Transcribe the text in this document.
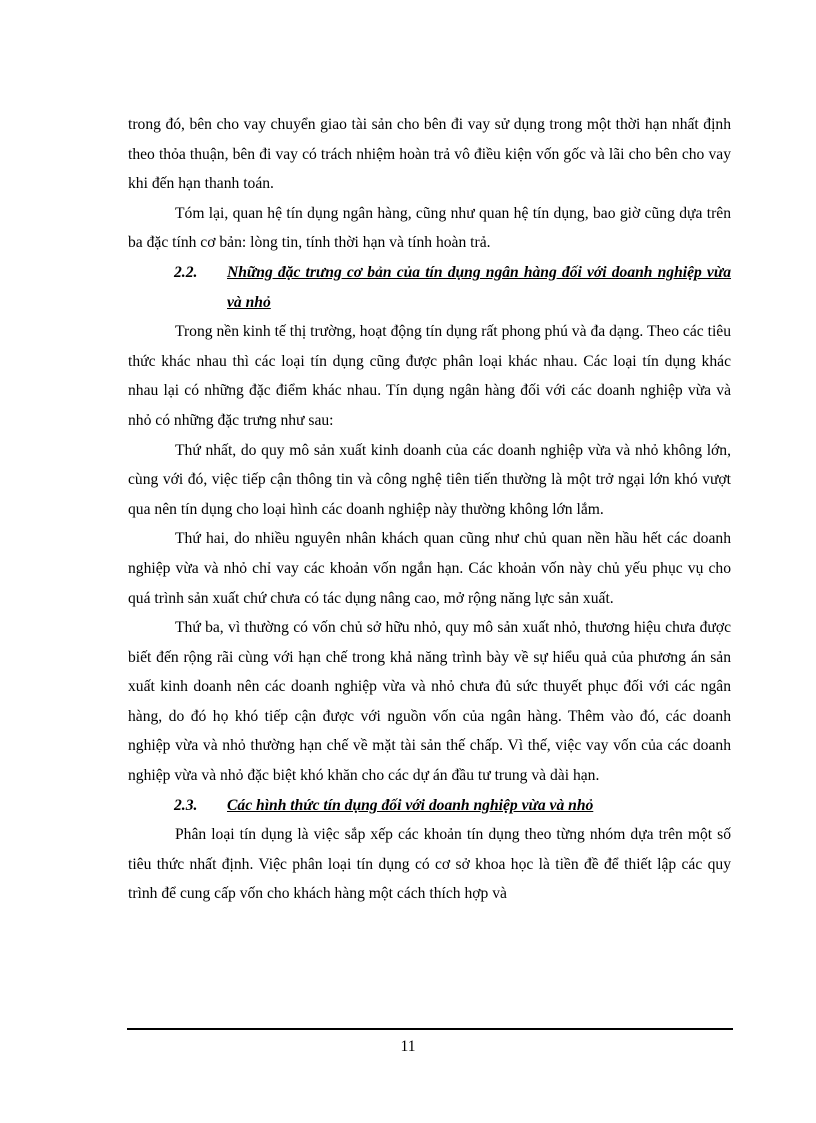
trong đó, bên cho vay chuyển giao tài sản cho bên đi vay sử dụng trong một thời hạn nhất định theo thỏa thuận, bên đi vay có trách nhiệm hoàn trả vô điều kiện vốn gốc và lãi cho bên cho vay khi đến hạn thanh toán.

Tóm lại, quan hệ tín dụng ngân hàng, cũng như quan hệ tín dụng, bao giờ cũng dựa trên ba đặc tính cơ bản: lòng tin, tính thời hạn và tính hoàn trả.

2.2. Những đặc trưng cơ bản của tín dụng ngân hàng đối với doanh nghiệp vừa và nhỏ

Trong nền kinh tế thị trường, hoạt động tín dụng rất phong phú và đa dạng. Theo các tiêu thức khác nhau thì các loại tín dụng cũng được phân loại khác nhau. Các loại tín dụng khác nhau lại có những đặc điểm khác nhau. Tín dụng ngân hàng đối với các doanh nghiệp vừa và nhỏ có những đặc trưng như sau:

Thứ nhất, do quy mô sản xuất kinh doanh của các doanh nghiệp vừa và nhỏ không lớn, cùng với đó, việc tiếp cận thông tin và công nghệ tiên tiến thường là một trở ngại lớn khó vượt qua nên tín dụng cho loại hình các doanh nghiệp này thường không lớn lắm.

Thứ hai, do nhiều nguyên nhân khách quan cũng như chủ quan nền hầu hết các doanh nghiệp vừa và nhỏ chỉ vay các khoản vốn ngắn hạn. Các khoản vốn này chủ yếu phục vụ cho quá trình sản xuất chứ chưa có tác dụng nâng cao, mở rộng năng lực sản xuất.

Thứ ba, vì thường có vốn chủ sở hữu nhỏ, quy mô sản xuất nhỏ, thương hiệu chưa được biết đến rộng rãi cùng với hạn chế trong khả năng trình bày về sự hiểu quả của phương án sản xuất kinh doanh nên các doanh nghiệp vừa và nhỏ chưa đủ sức thuyết phục đối với các ngân hàng, do đó họ khó tiếp cận được với nguồn vốn của ngân hàng. Thêm vào đó, các doanh nghiệp vừa và nhỏ thường hạn chế về mặt tài sản thế chấp. Vì thế, việc vay vốn của các doanh nghiệp vừa và nhỏ đặc biệt khó khăn cho các dự án đầu tư trung và dài hạn.

2.3. Các hình thức tín dụng đối với doanh nghiệp vừa và nhỏ

Phân loại tín dụng là việc sắp xếp các khoản tín dụng theo từng nhóm dựa trên một số tiêu thức nhất định. Việc phân loại tín dụng có cơ sở khoa học là tiền đề để thiết lập các quy trình để cung cấp vốn cho khách hàng một cách thích hợp và

11
